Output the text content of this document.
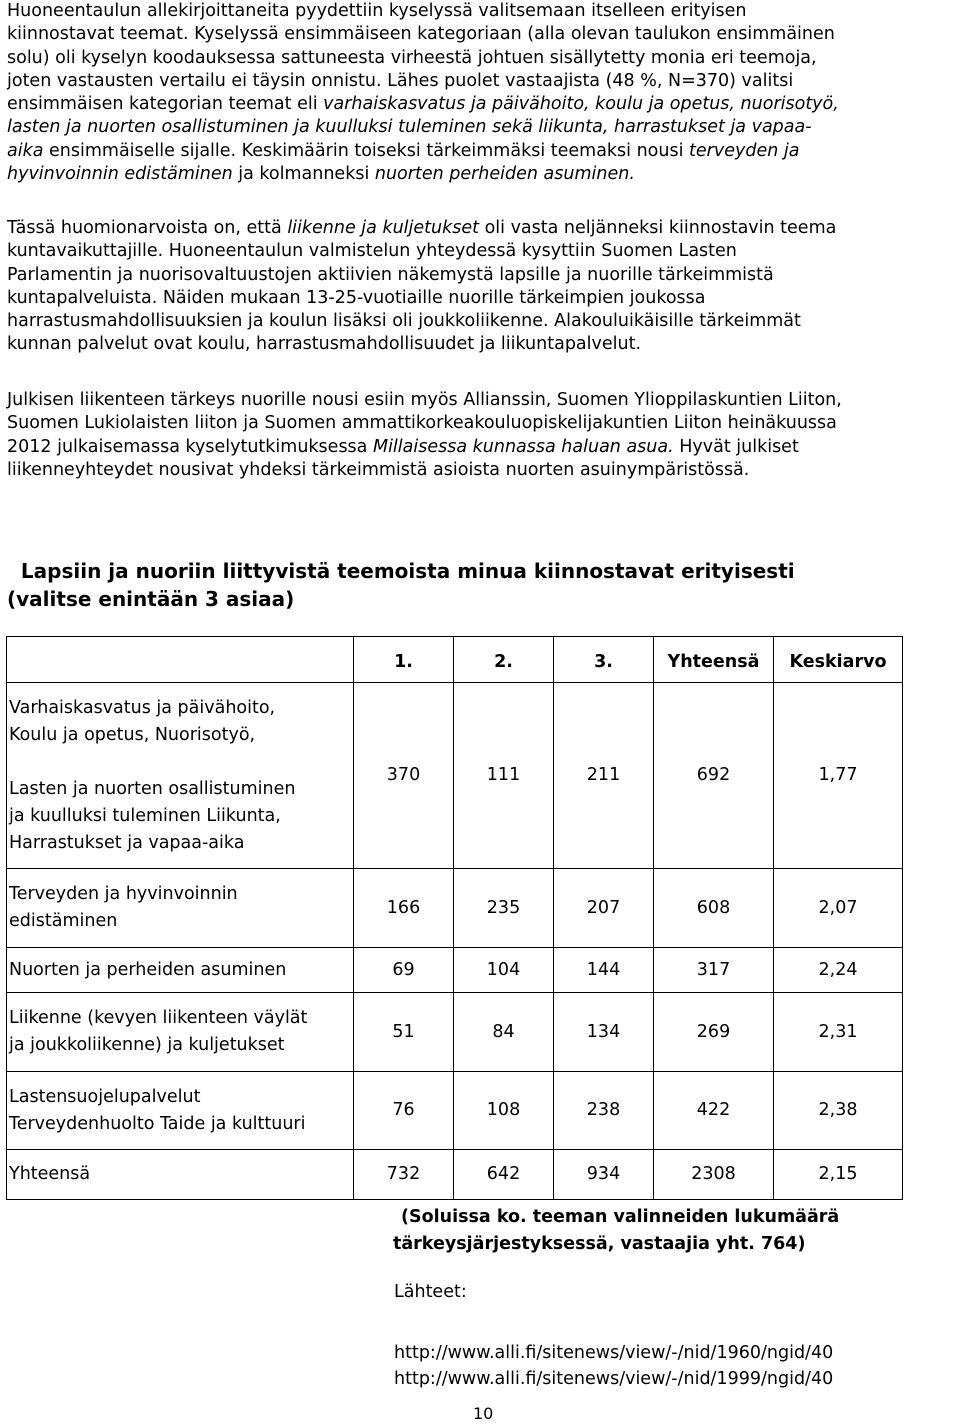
Huoneentaulun allekirjoittaneita pyydettiin kyselyssä valitsemaan itselleen erityisen
kiinnostavat teemat. Kyselyssä ensimmäiseen kategoriaan (alla olevan taulukon ensimmäinen
solu) oli kyselyn koodauksessa sattuneesta virheestä johtuen sisällytetty monia eri teemoja,
joten vastausten vertailu ei täysin onnistu. Lähes puolet vastaajista (48 %, N=370) valitsi
ensimmäisen kategorian teemat eli varhaiskasvatus ja päivähoito, koulu ja opetus, nuorisotyö,
lasten ja nuorten osallistuminen ja kuulluksi tuleminen sekä liikunta, harrastukset ja vapaa-
aika ensimmäiselle sijalle. Keskimäärin toiseksi tärkeimmäksi teemaksi nousi terveyden ja
hyvinvoinnin edistäminen ja kolmanneksi nuorten perheiden asuminen.
Tässä huomionarvoista on, että liikenne ja kuljetukset oli vasta neljänneksi kiinnostavin teema
kuntavaikuttajille. Huoneentaulun valmistelun yhteydessä kysyttiin Suomen Lasten
Parlamentin ja nuorisovaltuustojen aktiivien näkemystä lapsille ja nuorille tärkeimmistä
kuntapalveluista. Näiden mukaan 13-25-vuotiaille nuorille tärkeimpien joukossa
harrastusmahdollisuuksien ja koulun lisäksi oli joukkoliikenne. Alakouluikäisille tärkeimmät
kunnan palvelut ovat koulu, harrastusmahdollisuudet ja liikuntapalvelut.
Julkisen liikenteen tärkeys nuorille nousi esiin myös Allianssin, Suomen Ylioppilaskuntien Liiton,
Suomen Lukiolaisten liiton ja Suomen ammattikorkeakouluopiskelijakuntien Liiton heinäkuussa
2012 julkaisemassa kyselytutkimuksessa Millaisessa kunnassa haluan asua. Hyvät julkiset
liikenneyhteydet nousivat yhdeksi tärkeimmistä asioista nuorten asuinympäristössä.
Lapsiin ja nuoriin liittyvistä teemoista minua kiinnostavat erityisesti
(valitse enintään 3 asiaa)
	1.	2.	3.	Yhteensä	Keskiarvo

Varhaiskasvatus ja päivähoito,
Koulu ja opetus, Nuorisotyö,

Lasten ja nuorten osallistuminen
ja kuulluksi tuleminen Liikunta,
Harrastukset ja vapaa-aika	370	111	211	692	1,77

Terveyden ja hyvinvoinnin
edistäminen	166	235	207	608	2,07

Nuorten ja perheiden asuminen	69	104	144	317	2,24

Liikenne (kevyen liikenteen väylät
ja joukkoliikenne) ja kuljetukset	51	84	134	269	2,31

Lastensuojelupalvelut
Terveydenhuolto Taide ja kulttuuri	76	108	238	422	2,38

Yhteensä	732	642	934	2308	2,15
(Soluissa ko. teeman valinneiden lukumäärä
tärkeysjärjestyksessä, vastaajia yht. 764)
Lähteet:
http://www.alli.fi/sitenews/view/-/nid/1960/ngid/40
http://www.alli.fi/sitenews/view/-/nid/1999/ngid/40
10
